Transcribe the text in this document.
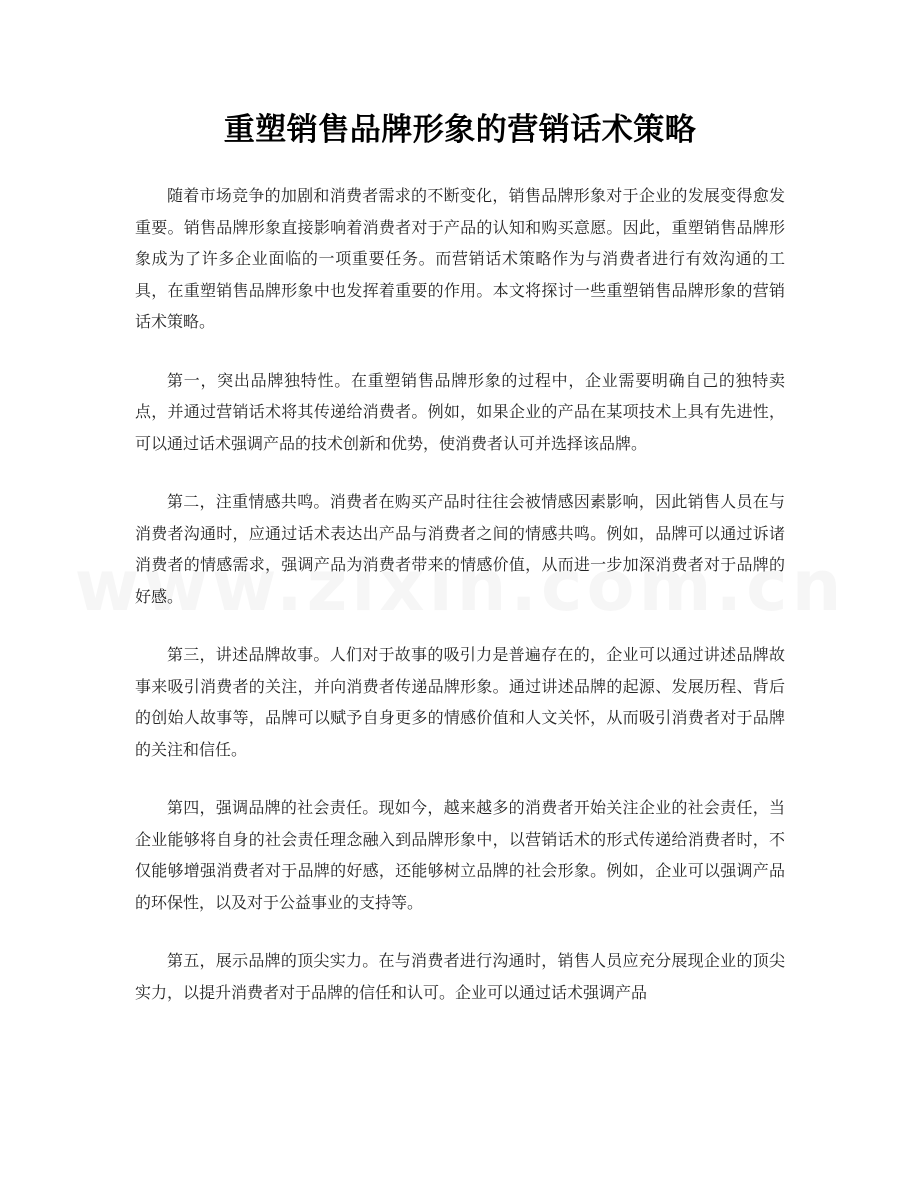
重塑销售品牌形象的营销话术策略

随着市场竞争的加剧和消费者需求的不断变化，销售品牌形象对于企业的发展变得愈发重要。销售品牌形象直接影响着消费者对于产品的认知和购买意愿。因此，重塑销售品牌形象成为了许多企业面临的一项重要任务。而营销话术策略作为与消费者进行有效沟通的工具，在重塑销售品牌形象中也发挥着重要的作用。本文将探讨一些重塑销售品牌形象的营销话术策略。

第一，突出品牌独特性。在重塑销售品牌形象的过程中，企业需要明确自己的独特卖点，并通过营销话术将其传递给消费者。例如，如果企业的产品在某项技术上具有先进性，可以通过话术强调产品的技术创新和优势，使消费者认可并选择该品牌。

第二，注重情感共鸣。消费者在购买产品时往往会被情感因素影响，因此销售人员在与消费者沟通时，应通过话术表达出产品与消费者之间的情感共鸣。例如，品牌可以通过诉诸消费者的情感需求，强调产品为消费者带来的情感价值，从而进一步加深消费者对于品牌的好感。

第三，讲述品牌故事。人们对于故事的吸引力是普遍存在的，企业可以通过讲述品牌故事来吸引消费者的关注，并向消费者传递品牌形象。通过讲述品牌的起源、发展历程、背后的创始人故事等，品牌可以赋予自身更多的情感价值和人文关怀，从而吸引消费者对于品牌的关注和信任。

第四，强调品牌的社会责任。现如今，越来越多的消费者开始关注企业的社会责任，当企业能够将自身的社会责任理念融入到品牌形象中，以营销话术的形式传递给消费者时，不仅能够增强消费者对于品牌的好感，还能够树立品牌的社会形象。例如，企业可以强调产品的环保性，以及对于公益事业的支持等。

第五，展示品牌的顶尖实力。在与消费者进行沟通时，销售人员应充分展现企业的顶尖实力，以提升消费者对于品牌的信任和认可。企业可以通过话术强调产品
